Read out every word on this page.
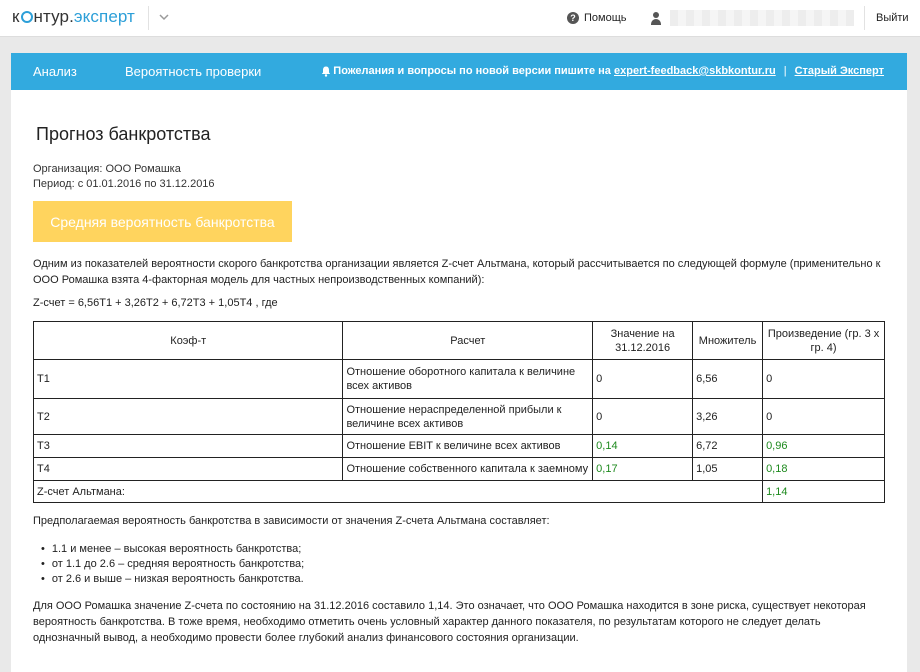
к нтур.эксперт	? Помощь	Выйти
Анализ	Вероятность проверки	Пожелания и вопросы по новой версии пишите на
expert-feedback@skbkontur.ru | Старый Эксперт
Прогноз банкротства
Организация: ООО Ромашка
Период: с 01.01.2016 по 31.12.2016
Средняя вероятность банкротства

Одним из показателей вероятности скорого банкротства организации является Z-счет Альтмана, который рассчитывается по следующей формуле (применительно к ООО Ромашка взята 4-факторная модель для частных непроизводственных компаний):

Z-счет = 6,56Т1 + 3,26Т2 + 6,72Т3 + 1,05Т4 , где

Коэф-т	Расчет	Значение на 31.12.2016	Множитель	Произведение (гр. 3 х гр. 4)
Т1	Отношение оборотного капитала к величине всех активов	0	6,56	0
Т2	Отношение нераспределенной прибыли к величине всех активов	0	3,26	0
Т3	Отношение EBIT к величине всех активов	0,14	6,72	0,96
Т4	Отношение собственного капитала к заемному	0,17	1,05	0,18
Z-счет Альтмана:				1,14

Предполагаемая вероятность банкротства в зависимости от значения Z-счета Альтмана составляет:

• 1.1 и менее – высокая вероятность банкротства;
• от 1.1 до 2.6 – средняя вероятность банкротства;
• от 2.6 и выше – низкая вероятность банкротства.

Для ООО Ромашка значение Z-счета по состоянию на 31.12.2016 составило 1,14. Это означает, что ООО Ромашка находится в зоне риска, существует некоторая вероятность банкротства. В тоже время, необходимо отметить очень условный характер данного показателя, по результатам которого не следует делать однозначный вывод, а необходимо провести более глубокий анализ финансового состояния организации.
